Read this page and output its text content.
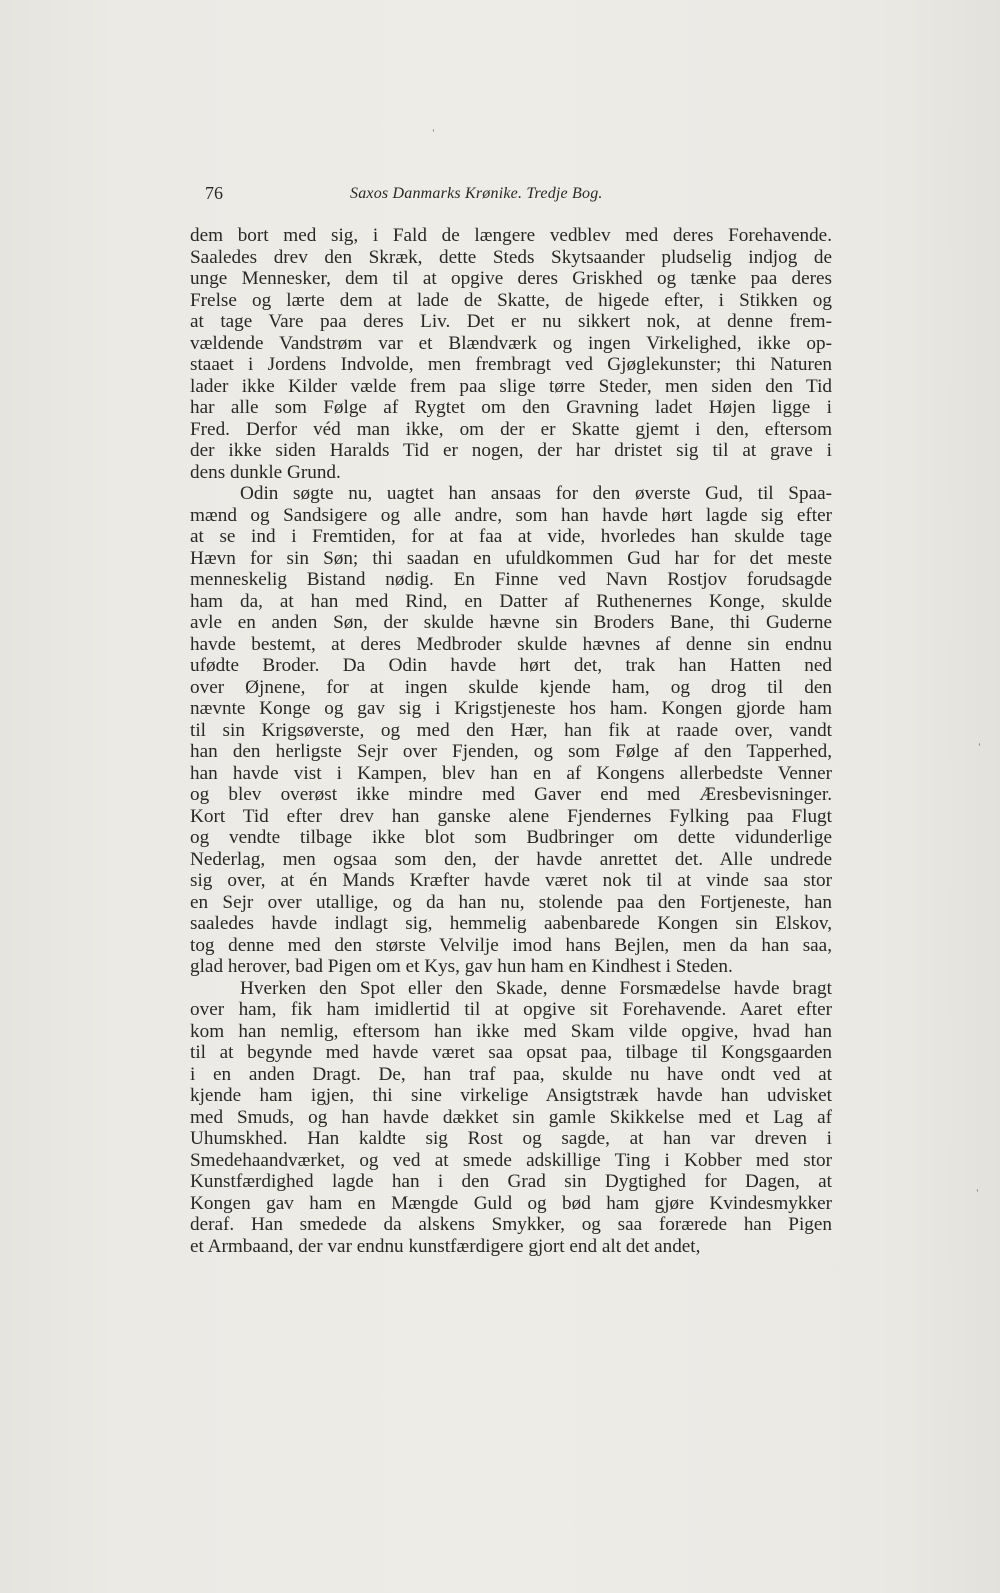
76	Saxos Danmarks Krønike. Tredje Bog.
dem bort med sig, i Fald de længere vedblev med deres Forehavende.
Saaledes drev den Skræk, dette Steds Skytsaander pludselig indjog de
unge Mennesker, dem til at opgive deres Griskhed og tænke paa deres
Frelse og lærte dem at lade de Skatte, de higede efter, i Stikken og
at tage Vare paa deres Liv. Det er nu sikkert nok, at denne frem-
vældende Vandstrøm var et Blændværk og ingen Virkelighed, ikke op-
staaet i Jordens Indvolde, men frembragt ved Gjøglekunster; thi Naturen
lader ikke Kilder vælde frem paa slige tørre Steder, men siden den Tid
har alle som Følge af Rygtet om den Gravning ladet Højen ligge i
Fred. Derfor véd man ikke, om der er Skatte gjemt i den, eftersom
der ikke siden Haralds Tid er nogen, der har dristet sig til at grave i
dens dunkle Grund.
Odin søgte nu, uagtet han ansaas for den øverste Gud, til Spaa-
mænd og Sandsigere og alle andre, som han havde hørt lagde sig efter
at se ind i Fremtiden, for at faa at vide, hvorledes han skulde tage
Hævn for sin Søn; thi saadan en ufuldkommen Gud har for det meste
menneskelig Bistand nødig. En Finne ved Navn Rostjov forudsagde
ham da, at han med Rind, en Datter af Ruthenernes Konge, skulde
avle en anden Søn, der skulde hævne sin Broders Bane, thi Guderne
havde bestemt, at deres Medbroder skulde hævnes af denne sin endnu
ufødte Broder. Da Odin havde hørt det, trak han Hatten ned
over Øjnene, for at ingen skulde kjende ham, og drog til den
nævnte Konge og gav sig i Krigstjeneste hos ham. Kongen gjorde ham
til sin Krigsøverste, og med den Hær, han fik at raade over, vandt
han den herligste Sejr over Fjenden, og som Følge af den Tapperhed,
han havde vist i Kampen, blev han en af Kongens allerbedste Venner
og blev overøst ikke mindre med Gaver end med Æresbevisninger.
Kort Tid efter drev han ganske alene Fjendernes Fylking paa Flugt
og vendte tilbage ikke blot som Budbringer om dette vidunderlige
Nederlag, men ogsaa som den, der havde anrettet det. Alle undrede
sig over, at én Mands Kræfter havde været nok til at vinde saa stor
en Sejr over utallige, og da han nu, stolende paa den Fortjeneste, han
saaledes havde indlagt sig, hemmelig aabenbarede Kongen sin Elskov,
tog denne med den største Velvilje imod hans Bejlen, men da han saa,
glad herover, bad Pigen om et Kys, gav hun ham en Kindhest i Steden.
Hverken den Spot eller den Skade, denne Forsmædelse havde bragt
over ham, fik ham imidlertid til at opgive sit Forehavende. Aaret efter
kom han nemlig, eftersom han ikke med Skam vilde opgive, hvad han
til at begynde med havde været saa opsat paa, tilbage til Kongsgaarden
i en anden Dragt. De, han traf paa, skulde nu have ondt ved at
kjende ham igjen, thi sine virkelige Ansigtstræk havde han udvisket
med Smuds, og han havde dækket sin gamle Skikkelse med et Lag af
Uhumskhed. Han kaldte sig Rost og sagde, at han var dreven i
Smedehaandværket, og ved at smede adskillige Ting i Kobber med stor
Kunstfærdighed lagde han i den Grad sin Dygtighed for Dagen, at
Kongen gav ham en Mængde Guld og bød ham gjøre Kvindesmykker
deraf. Han smedede da alskens Smykker, og saa forærede han Pigen
et Armbaand, der var endnu kunstfærdigere gjort end alt det andet,
ˈ
ˈ
ˈ
